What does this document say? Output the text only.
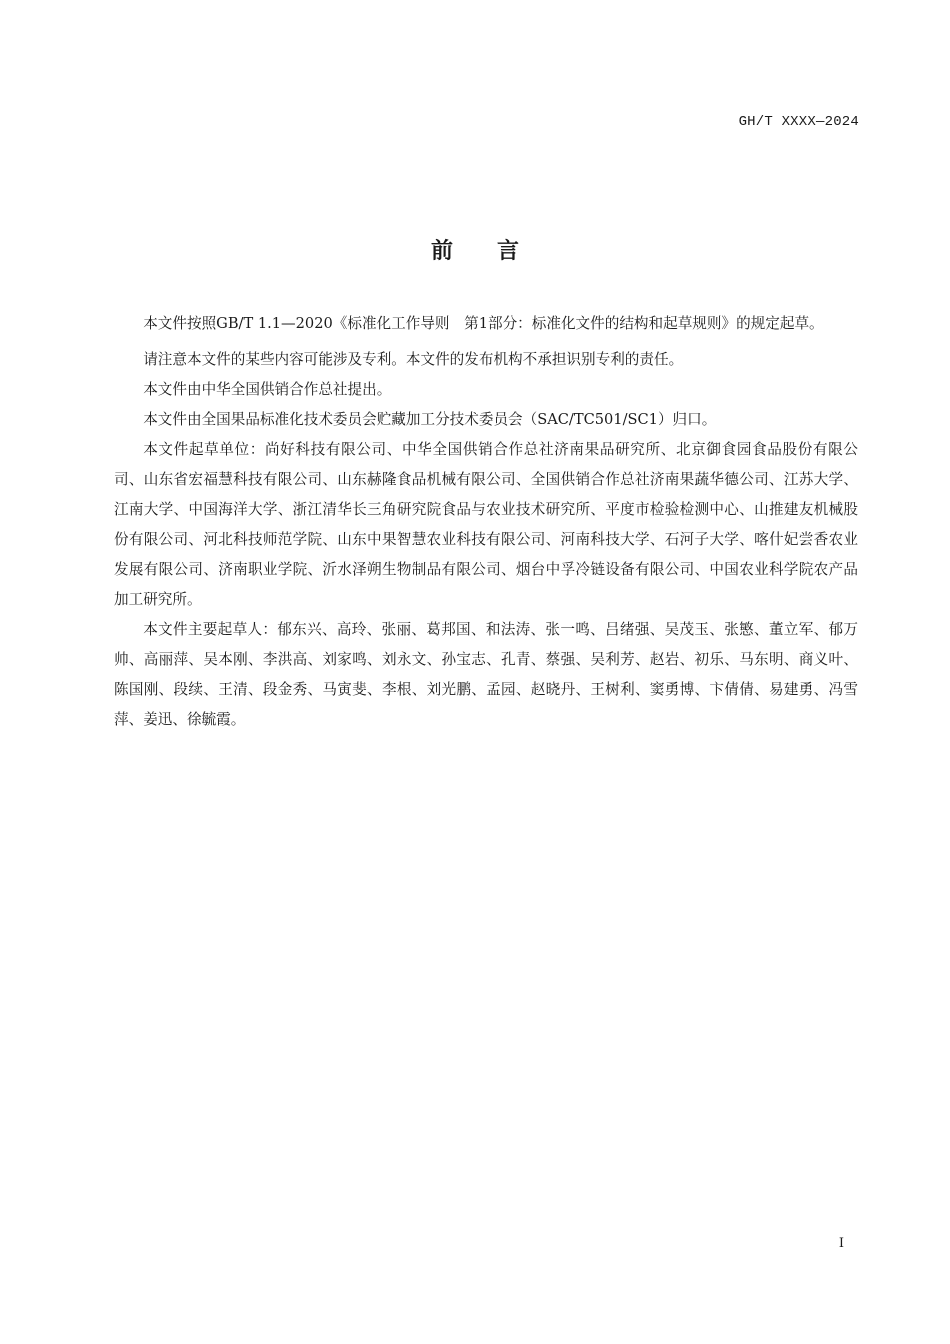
GH/T XXXX—2024
前言

本文件按照GB/T 1.1—2020《标准化工作导则　第1部分：标准化文件的结构和起草规则》的规定起草。

请注意本文件的某些内容可能涉及专利。本文件的发布机构不承担识别专利的责任。

本文件由中华全国供销合作总社提出。

本文件由全国果品标准化技术委员会贮藏加工分技术委员会（SAC/TC501/SC1）归口。

本文件起草单位：尚好科技有限公司、中华全国供销合作总社济南果品研究所、北京御食园食品股份有限公司、山东省宏福慧科技有限公司、山东赫隆食品机械有限公司、全国供销合作总社济南果蔬华德公司、江苏大学、江南大学、中国海洋大学、浙江清华长三角研究院食品与农业技术研究所、平度市检验检测中心、山推建友机械股份有限公司、河北科技师范学院、山东中果智慧农业科技有限公司、河南科技大学、石河子大学、喀什妃尝香农业发展有限公司、济南职业学院、沂水泽朔生物制品有限公司、烟台中孚冷链设备有限公司、中国农业科学院农产品加工研究所。

本文件主要起草人：郁东兴、高玲、张丽、葛邦国、和法涛、张一鸣、吕绪强、吴茂玉、张慜、董立军、郁万帅、高丽萍、吴本刚、李洪高、刘家鸣、刘永文、孙宝志、孔青、蔡强、吴利芳、赵岩、初乐、马东明、商义叶、陈国刚、段续、王清、段金秀、马寅斐、李根、刘光鹏、孟园、赵晓丹、王树利、窦勇博、卞倩倩、易建勇、冯雪萍、姜迅、徐毓霞。

I
